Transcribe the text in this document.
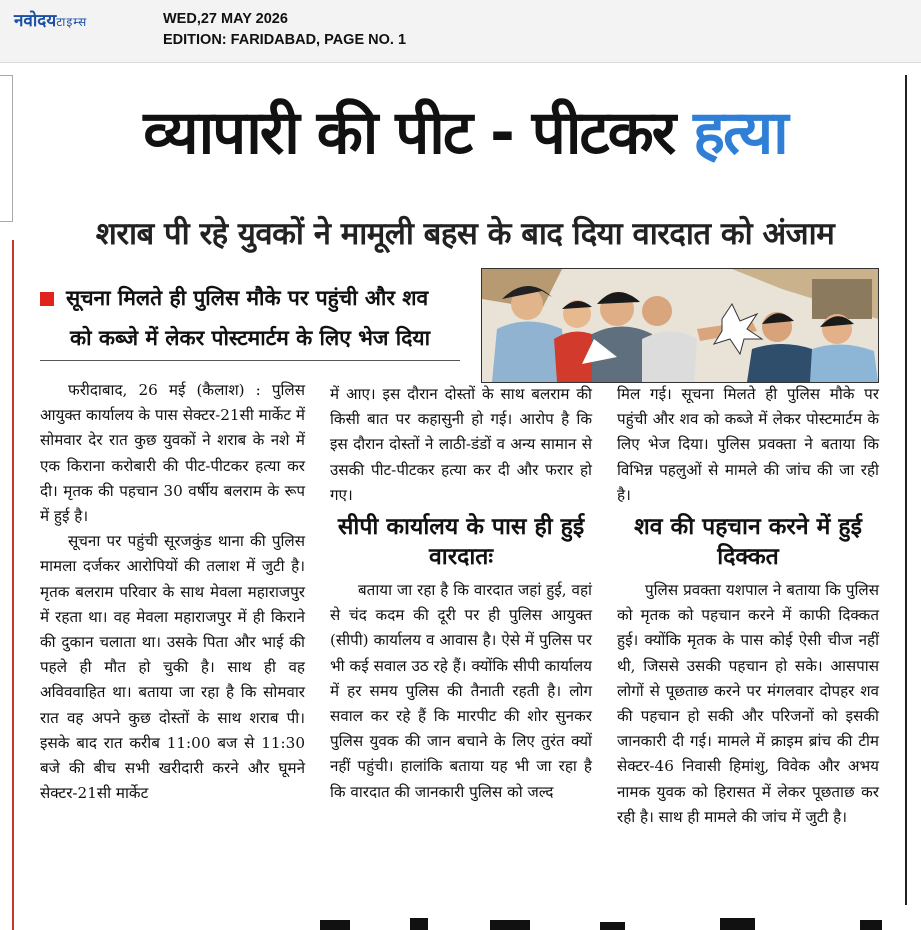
नवोदयटाइम्स	WED,27 MAY 2026
EDITION: FARIDABAD, PAGE NO. 1
व्यापारी की पीट - पीटकर हत्या
शराब पी रहे युवकों ने मामूली बहस के बाद दिया वारदात को अंजाम
सूचना मिलते ही पुलिस मौके पर पहुंची और शव
को कब्जे में लेकर पोस्टमार्टम के लिए भेज दिया

फरीदाबाद, 26 मई (कैलाश) : पुलिस आयुक्त कार्यालय के पास सेक्टर-21सी मार्केट में सोमवार देर रात कुछ युवकों ने शराब के नशे में एक किराना करोबारी की पीट-पीटकर हत्या कर दी। मृतक की पहचान 30 वर्षीय बलराम के रूप में हुई है।

सूचना पर पहुंची सूरजकुंड थाना की पुलिस मामला दर्जकर आरोपियों की तलाश में जुटी है। मृतक बलराम परिवार के साथ मेवला महाराजपुर में रहता था। वह मेवला महाराजपुर में ही किराने की दुकान चलाता था। उसके पिता और भाई की पहले ही मौत हो चुकी है। साथ ही वह अविववाहित था। बताया जा रहा है कि सोमवार रात वह अपने कुछ दोस्तों के साथ शराब पी। इसके बाद रात करीब 11:00 बज से 11:30 बजे की बीच सभी खरीदारी करने और घूमने सेक्टर-21सी मार्केट

में आए। इस दौरान दोस्तों के साथ बलराम की किसी बात पर कहासुनी हो गई। आरोप है कि इस दौरान दोस्तों ने लाठी-डंडों व अन्य सामान से उसकी पीट-पीटकर हत्या कर दी और फरार हो गए।

सीपी कार्यालय के पास ही हुई वारदातः

बताया जा रहा है कि वारदात जहां हुई, वहां से चंद कदम की दूरी पर ही पुलिस आयुक्त (सीपी) कार्यालय व आवास है। ऐसे में पुलिस पर भी कई सवाल उठ रहे हैं। क्योंकि सीपी कार्यालय में हर समय पुलिस की तैनाती रहती है। लोग सवाल कर रहे हैं कि मारपीट की शोर सुनकर पुलिस युवक की जान बचाने के लिए तुरंत क्यों नहीं पहुंची। हालांकि बताया यह भी जा रहा है कि वारदात की जानकारी पुलिस को जल्द

मिल गई। सूचना मिलते ही पुलिस मौके पर पहुंची और शव को कब्जे में लेकर पोस्टमार्टम के लिए भेज दिया। पुलिस प्रवक्ता ने बताया कि विभिन्न पहलुओं से मामले की जांच की जा रही है।

शव की पहचान करने में हुई दिक्कत

पुलिस प्रवक्ता यशपाल ने बताया कि पुलिस को मृतक को पहचान करने में काफी दिक्कत हुई। क्योंकि मृतक के पास कोई ऐसी चीज नहीं थी, जिससे उसकी पहचान हो सके। आसपास लोगों से पूछताछ करने पर मंगलवार दोपहर शव की पहचान हो सकी और परिजनों को इसकी जानकारी दी गई। मामले में क्राइम ब्रांच की टीम सेक्टर-46 निवासी हिमांशु, विवेक और अभय नामक युवक को हिरासत में लेकर पूछताछ कर रही है। साथ ही मामले की जांच में जुटी है।
